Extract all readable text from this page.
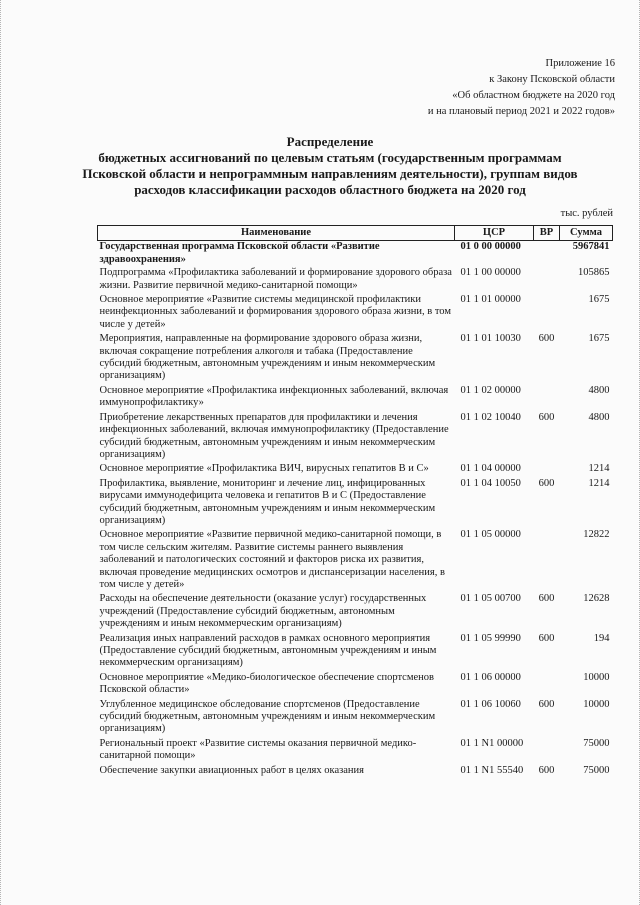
Приложение 16
к Закону Псковской области
«Об областном бюджете на 2020 год
и на плановый период 2021 и 2022 годов»
Распределение
бюджетных ассигнований по целевым статьям (государственным программам
Псковской области и непрограммным направлениям деятельности), группам видов
расходов классификации расходов областного бюджета на 2020 год
тыс. рублей
Наименование	ЦСР	ВР	Сумма
Государственная программа Псковской области «Развитие здравоохранения»	01 0 00 00000		5967841
Подпрограмма «Профилактика заболеваний и формирование здорового образа жизни. Развитие первичной медико-санитарной помощи»	01 1 00 00000		105865
Основное мероприятие «Развитие системы медицинской профилактики неинфекционных заболеваний и формирования здорового образа жизни, в том числе у детей»	01 1 01 00000		1675
Мероприятия, направленные на формирование здорового образа жизни, включая сокращение потребления алкоголя и табака (Предоставление субсидий бюджетным, автономным учреждениям и иным некоммерческим организациям)	01 1 01 10030	600	1675
Основное мероприятие «Профилактика инфекционных заболеваний, включая иммунопрофилактику»	01 1 02 00000		4800
Приобретение лекарственных препаратов для профилактики и лечения инфекционных заболеваний, включая иммунопрофилактику (Предоставление субсидий бюджетным, автономным учреждениям и иным некоммерческим организациям)	01 1 02 10040	600	4800
Основное мероприятие «Профилактика ВИЧ, вирусных гепатитов В и С»	01 1 04 00000		1214
Профилактика, выявление, мониторинг и лечение лиц, инфицированных вирусами иммунодефицита человека и гепатитов В и С (Предоставление субсидий бюджетным, автономным учреждениям и иным некоммерческим организациям)	01 1 04 10050	600	1214
Основное мероприятие «Развитие первичной медико-санитарной помощи, в том числе сельским жителям. Развитие системы раннего выявления заболеваний и патологических состояний и факторов риска их развития, включая проведение медицинских осмотров и диспансеризации населения, в том числе у детей»	01 1 05 00000		12822
Расходы на обеспечение деятельности (оказание услуг) государственных учреждений (Предоставление субсидий бюджетным, автономным учреждениям и иным некоммерческим организациям)	01 1 05 00700	600	12628
Реализация иных направлений расходов в рамках основного мероприятия (Предоставление субсидий бюджетным, автономным учреждениям и иным некоммерческим организациям)	01 1 05 99990	600	194
Основное мероприятие «Медико-биологическое обеспечение спортсменов Псковской области»	01 1 06 00000		10000
Углубленное медицинское обследование спортсменов (Предоставление субсидий бюджетным, автономным учреждениям и иным некоммерческим организациям)	01 1 06 10060	600	10000
Региональный проект «Развитие системы оказания первичной медико-санитарной помощи»	01 1 N1 00000		75000
Обеспечение закупки авиационных работ в целях оказания	01 1 N1 55540	600	75000
